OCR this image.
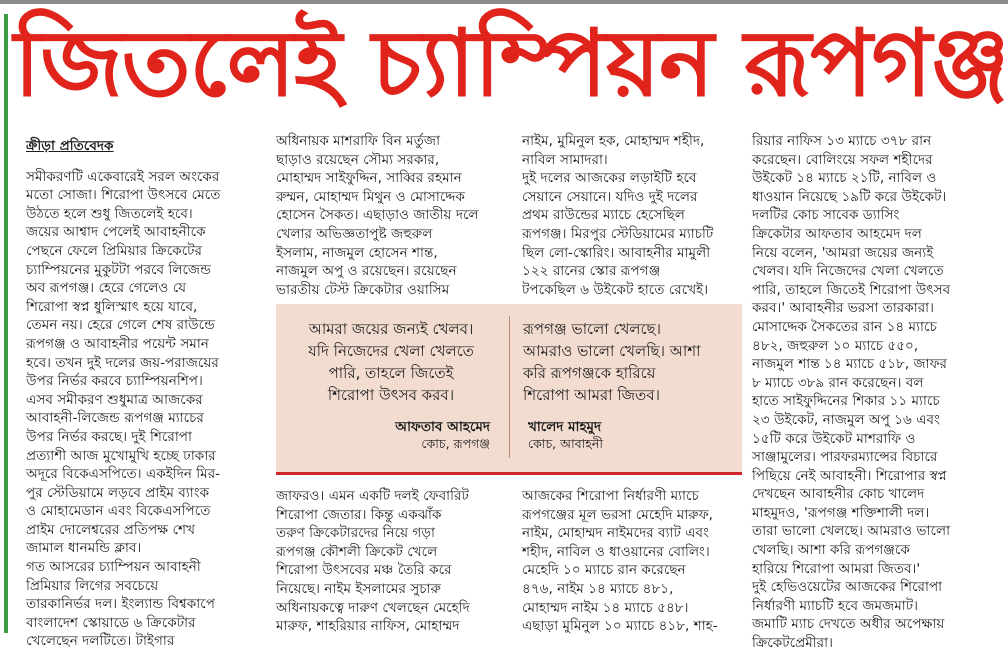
জিতলেই চ্যাম্পিয়ন রূপগঞ্জ

ক্রীড়া প্রতিবেদক

সমীকরণটি একেবারেই সরল অংকের

মতো সোজা। শিরোপা উৎসবে মেতে

উঠতে হলে শুধু জিতলেই হবে।

জয়ের আশ্বাদ পেলেই আবাহনীকে

পেছনে ফেলে প্রিমিয়ার ক্রিকেটের

চ্যাম্পিয়নের মুকুটটা পরবে লিজেন্ড

অব রূপগঞ্জ। হেরে গেলেও যে

শিরোপা স্বপ্ন ধুলিস্মাৎ হয়ে যাবে,

তেমন নয়। হেরে গেলে শেষ রাউন্ডে

রূপগঞ্জ ও আবাহনীর পয়েন্ট সমান

হবে। তখন দুই দলের জয়-পরাজয়ের

উপর নির্ভর করবে চ্যাম্পিয়নশিপ।

এসব সমীকরণ শুধুমাত্র আজকের

আবাহনী-লিজেন্ড রূপগঞ্জ ম্যাচের

উপর নির্ভর করছে। দুই শিরোপা

প্রত্যাশী আজ মুখোমুখি হচ্ছে ঢাকার

অদূরে বিকেএসপিতে। একইদিন মির-

পুর স্টেডিয়ামে লড়বে প্রাইম ব্যাংক

ও মোহামেডান এবং বিকেএসপিতে

প্রাইম দোলেশ্বরের প্রতিপক্ষ শেখ

জামাল ধানমন্ডি ক্লাব।

গত আসরের চ্যাম্পিয়ন আবাহনী

প্রিমিয়ার লিগের সবচেয়ে

তারকানির্ভর দল। ইংল্যান্ড বিশ্বকাপে

বাংলাদেশ স্কোয়াডে ৬ ক্রিকেটার

খেলেছেন দলটিতে। টাইগার

অধিনায়ক মাশরাফি বিন মর্তুজা

ছাড়াও রয়েছেন সৌম্য সরকার,

মোহাম্মদ সাইফুদ্দিন, সাব্বির রহমান

রুম্মন, মোহাম্মদ মিথুন ও মোসাদ্দেক

হোসেন সৈকত। এছাড়াও জাতীয় দলে

খেলার অভিজ্ঞতাপুষ্ট জহুরুল

ইসলাম, নাজমুল হোসেন শান্ত,

নাজমুল অপু ও রয়েছেন। রয়েছেন

ভারতীয় টেস্ট ক্রিকেটার ওয়াসিম

নাইম, মুমিনুল হক, মোহাম্মদ শহীদ,

নাবিল সামাদরা।

দুই দলের আজকের লড়াইটি হবে

সেয়ানে সেয়ানে। যদিও দুই দলের

প্রথম রাউন্ডের ম্যাচে হেসেছিল

রূপগঞ্জ। মিরপুর স্টেডিয়ামের ম্যাচটি

ছিল লো-স্কোরিং। আবাহনীর মামুলী

১২২ রানের স্কোর রূপগঞ্জ

টপকেছিল ৬ উইকেট হাতে রেখেই।

আমরা জয়ের জন্যই খেলব।

যদি নিজেদের খেলা খেলতে

পারি, তাহলে জিতেই

শিরোপা উৎসব করব।

আফতাব আহমেদ
কোচ, রূপগঞ্জ

রূপগঞ্জ ভালো খেলছে।

আমরাও ভালো খেলছি। আশা

করি রূপগঞ্জকে হারিয়ে

শিরোপা আমরা জিতব।

খালেদ মাহমুদ
কোচ, আবাহনী

জাফরও। এমন একটি দলই ফেবারিট

শিরোপা জেতার। কিন্তু একঝাঁক

তরুণ ক্রিকেটারদের নিয়ে গড়া

রূপগঞ্জ কৌশলী ক্রিকেট খেলে

শিরোপা উৎসবের মঞ্চ তৈরি করে

নিয়েছে। নাইম ইসলামের সুচারু

অধিনায়কত্বে দারুণ খেলছেন মেহেদি

মারুফ, শাহরিয়ার নাফিস, মোহাম্মদ

আজকের শিরোপা নির্ধারণী ম্যাচে

রূপগঞ্জের মূল ভরসা মেহেদি মারুফ,

নাইম, মোহাম্মদ নাইমদের ব্যাট এবং

শহীদ, নাবিল ও ধাওয়ানের বোলিং।

মেহেদি ১০ ম্যাচে রান করেছেন

৪৭৬, নাইম ১৪ ম্যাচে ৪৮১,

মোহাম্মদ নাইম ১৪ ম্যাচে ৫৪৮।

এছাড়া মুমিনুল ১০ ম্যাচে ৪১৮, শাহ-

রিয়ার নাফিস ১৩ ম্যাচে ৩৭৮ রান

করেছেন। বোলিংয়ে সফল শহীদের

উইকেট ১৪ ম্যাচে ২১টি, নাবিল ও

ধাওয়ান নিয়েছে ১৯টি করে উইকেট।

দলটির কোচ সাবেক ড্যাসিং

ক্রিকেটার আফতাব আহমেদ দল

নিয়ে বলেন, 'আমরা জয়ের জন্যই

খেলব। যদি নিজেদের খেলা খেলতে

পারি, তাহলে জিতেই শিরোপা উৎসব

করব।' আবাহনীর ভরসা তারকারা।

মোসাদ্দেক সৈকতের রান ১৪ ম্যাচে

৪৮২, জহুরুল ১০ ম্যাচে ৫৫০,

নাজমুল শান্ত ১৪ ম্যাচে ৫১৮, জাফর

৮ ম্যাচে ৩৮৯ রান করেছেন। বল

হাতে সাইফুদ্দিনের শিকার ১১ ম্যাচে

২৩ উইকেট, নাজমুল অপু ১৬ এবং

১৫টি করে উইকেট মাশরাফি ও

সাঞ্জামুলের। পারফরম্যান্সের বিচারে

পিছিয়ে নেই আবাহনী। শিরোপার স্বপ্ন

দেখছেন আবাহনীর কোচ খালেদ

মাহমুদও, 'রূপগঞ্জ শক্তিশালী দল।

তারা ভালো খেলছে। আমরাও ভালো

খেলছি। আশা করি রূপগঞ্জকে

হারিয়ে শিরোপা আমরা জিতব।'

দুই হেভিওয়েটের আজকের শিরোপা

নির্ধারণী ম্যাচটি হবে জমজমাট।

জমাটি ম্যাচ দেখতে অধীর অপেক্ষায়

ক্রিকেটপ্রেমীরা।
